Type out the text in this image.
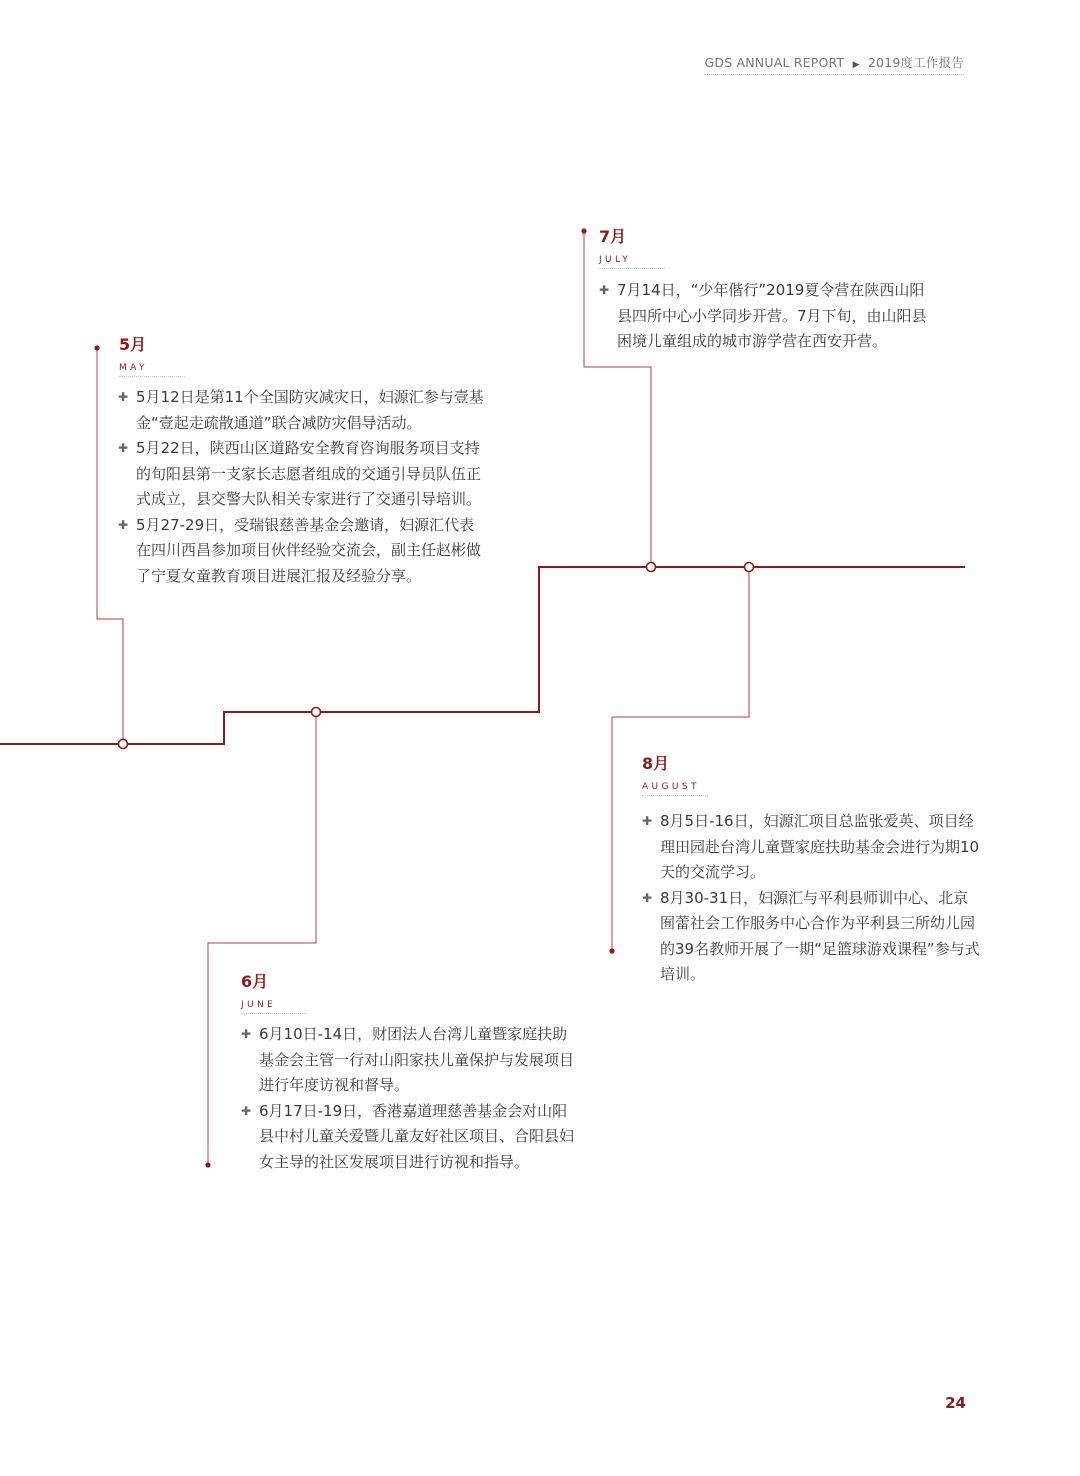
GDS ANNUAL REPORT ▶ 2019度工作报告
5月
MAY
✚ 5月12日是第11个全国防灾减灾日，妇源汇参与壹基金“壹起走疏散通道”联合减防灾倡导活动。
✚ 5月22日，陕西山区道路安全教育咨询服务项目支持的旬阳县第一支家长志愿者组成的交通引导员队伍正式成立，县交警大队相关专家进行了交通引导培训。
✚ 5月27-29日，受瑞银慈善基金会邀请，妇源汇代表在四川西昌参加项目伙伴经验交流会，副主任赵彬做了宁夏女童教育项目进展汇报及经验分享。
7月
JULY
✚ 7月14日，“少年偕行”2019夏令营在陕西山阳县四所中心小学同步开营。7月下旬，由山阳县困境儿童组成的城市游学营在西安开营。
8月
AUGUST
✚ 8月5日-16日，妇源汇项目总监张爱英、项目经理田园赴台湾儿童暨家庭扶助基金会进行为期10天的交流学习。
✚ 8月30-31日，妇源汇与平利县师训中心、北京囿蕾社会工作服务中心合作为平利县三所幼儿园的39名教师开展了一期“足篮球游戏课程”参与式培训。
6月
JUNE
✚ 6月10日-14日，财团法人台湾儿童暨家庭扶助基金会主管一行对山阳家扶儿童保护与发展项目进行年度访视和督导。
✚ 6月17日-19日，香港嘉道理慈善基金会对山阳县中村儿童关爱暨儿童友好社区项目、合阳县妇女主导的社区发展项目进行访视和指导。
24
